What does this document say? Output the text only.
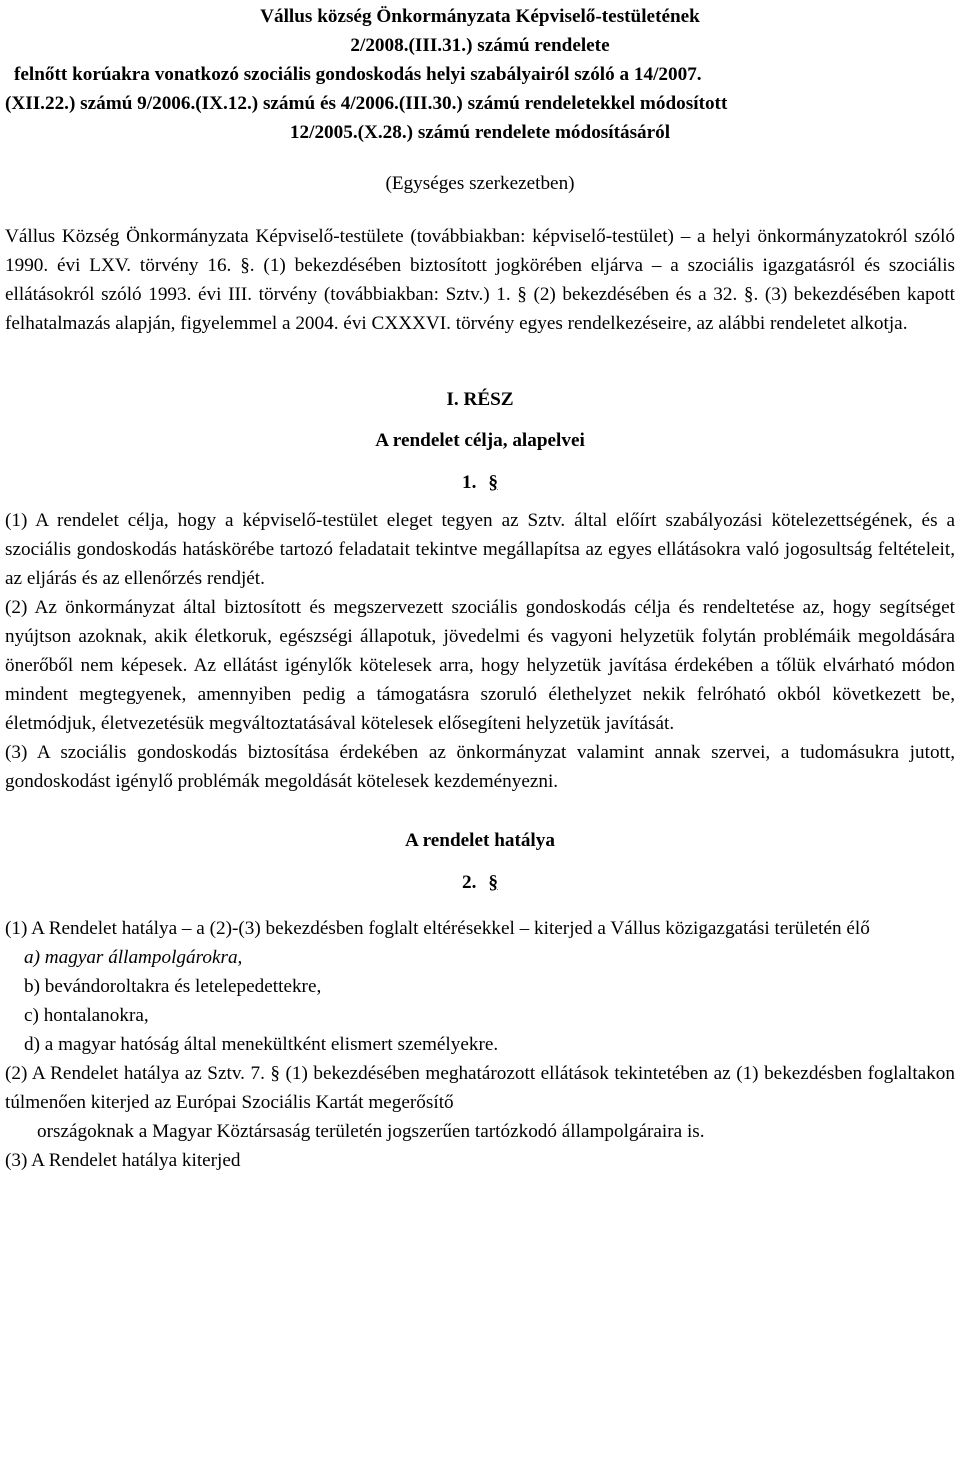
Vállus község Önkormányzata Képviselő-testületének
2/2008.(III.31.) számú rendelete
felnőtt korúakra vonatkozó szociális gondoskodás helyi szabályairól szóló a 14/2007.
(XII.22.) számú 9/2006.(IX.12.) számú és 4/2006.(III.30.) számú rendeletekkel módosított
12/2005.(X.28.) számú rendelete módosításáról
(Egységes szerkezetben)
Vállus Község Önkormányzata Képviselő-testülete (továbbiakban: képviselő-testület) – a helyi önkormányzatokról szóló 1990. évi LXV. törvény 16. §. (1) bekezdésében biztosított jogkörében eljárva – a szociális igazgatásról és szociális ellátásokról szóló 1993. évi III. törvény (továbbiakban: Sztv.) 1. § (2) bekezdésében és a 32. §. (3) bekezdésében kapott felhatalmazás alapján, figyelemmel a 2004. évi CXXXVI. törvény egyes rendelkezéseire, az alábbi rendeletet alkotja.
I. RÉSZ
A rendelet célja, alapelvei
1. §
(1) A rendelet célja, hogy a képviselő-testület eleget tegyen az Sztv. által előírt szabályozási kötelezettségének, és a szociális gondoskodás hatáskörébe tartozó feladatait tekintve megállapítsa az egyes ellátásokra való jogosultság feltételeit, az eljárás és az ellenőrzés rendjét.
(2) Az önkormányzat által biztosított és megszervezett szociális gondoskodás célja és rendeltetése az, hogy segítséget nyújtson azoknak, akik életkoruk, egészségi állapotuk, jövedelmi és vagyoni helyzetük folytán problémáik megoldására önerőből nem képesek. Az ellátást igénylők kötelesek arra, hogy helyzetük javítása érdekében a tőlük elvárható módon mindent megtegyenek, amennyiben pedig a támogatásra szoruló élethelyzet nekik felróható okból következett be, életmódjuk, életvezetésük megváltoztatásával kötelesek elősegíteni helyzetük javítását.
(3) A szociális gondoskodás biztosítása érdekében az önkormányzat valamint annak szervei, a tudomásukra jutott, gondoskodást igénylő problémák megoldását kötelesek kezdeményezni.
A rendelet hatálya
2. §
(1) A Rendelet hatálya – a (2)-(3) bekezdésben foglalt eltérésekkel – kiterjed a Vállus közigazgatási területén élő
a) magyar állampolgárokra,
b) bevándoroltakra és letelepedettekre,
c) hontalanokra,
d) a magyar hatóság által menekültként elismert személyekre.
(2) A Rendelet hatálya az Sztv. 7. § (1) bekezdésében meghatározott ellátások tekintetében az (1) bekezdésben foglaltakon túlmenően kiterjed az Európai Szociális Kartát megerősítő
országoknak a Magyar Köztársaság területén jogszerűen tartózkodó állampolgáraira is.
(3) A Rendelet hatálya kiterjed
